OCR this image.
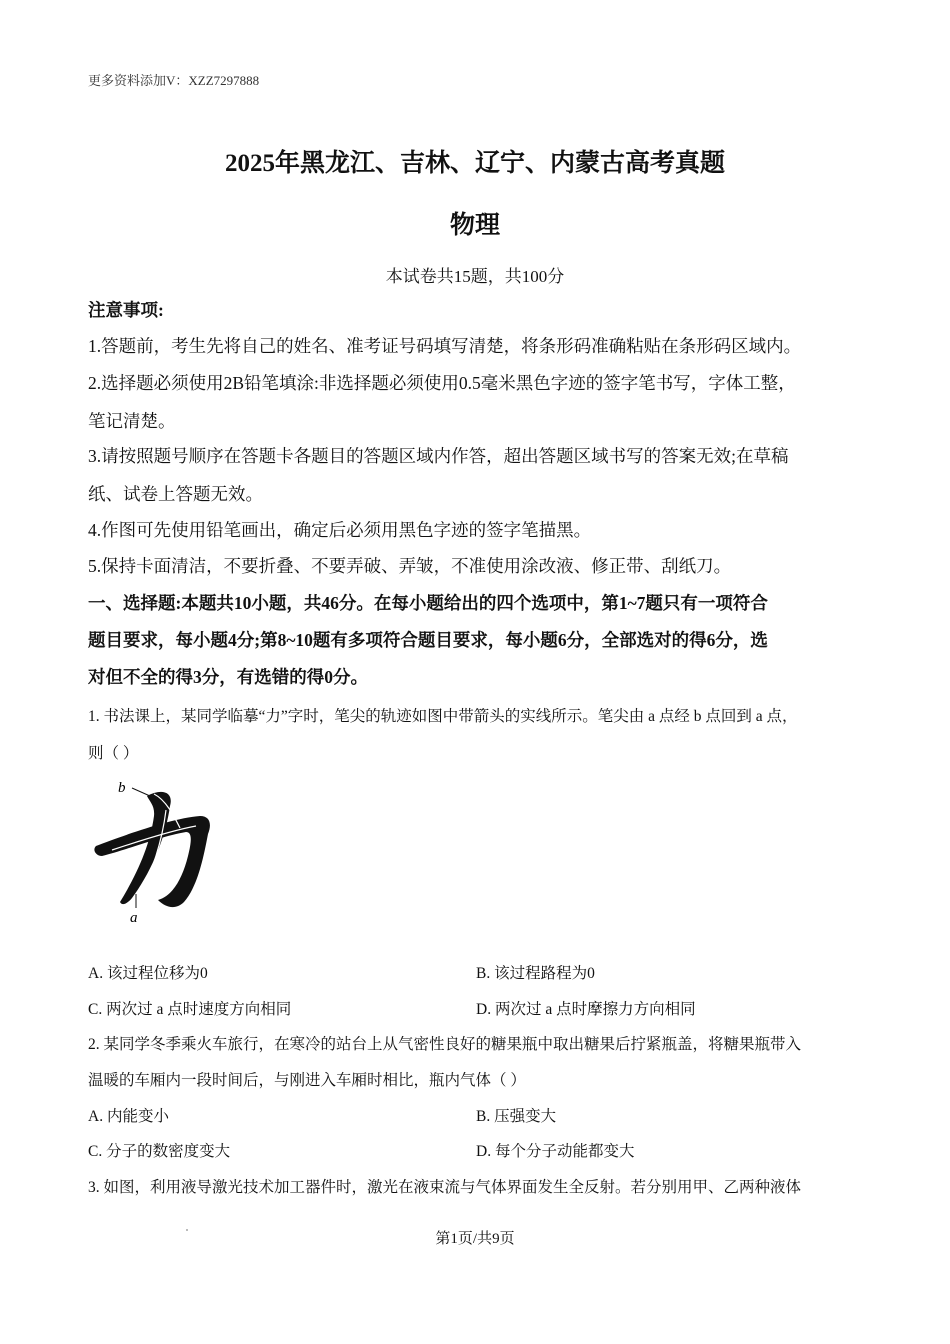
更多资料添加V：XZZ7297888
2025年黑龙江、吉林、辽宁、内蒙古高考真题
物理
本试卷共15题，共100分
注意事项:
1.答题前，考生先将自己的姓名、准考证号码填写清楚，将条形码准确粘贴在条形码区域内。
2.选择题必须使用2B铅笔填涂:非选择题必须使用0.5毫米黑色字迹的签字笔书写，字体工整，
笔记清楚。
3.请按照题号顺序在答题卡各题目的答题区域内作答，超出答题区域书写的答案无效;在草稿
纸、试卷上答题无效。
4.作图可先使用铅笔画出，确定后必须用黑色字迹的签字笔描黑。
5.保持卡面清洁，不要折叠、不要弄破、弄皱，不准使用涂改液、修正带、刮纸刀。
一、选择题:本题共10小题，共46分。在每小题给出的四个选项中，第1~7题只有一项符合
题目要求，每小题4分;第8~10题有多项符合题目要求，每小题6分，全部选对的得6分，选
对但不全的得3分，有选错的得0分。
1. 书法课上，某同学临摹“力”字时，笔尖的轨迹如图中带箭头的实线所示。笔尖由 a 点经 b 点回到 a 点，
则（ ）
b
a
A. 该过程位移为0	B. 该过程路程为0
C. 两次过 a 点时速度方向相同	D. 两次过 a 点时摩擦力方向相同
2. 某同学冬季乘火车旅行，在寒冷的站台上从气密性良好的糖果瓶中取出糖果后拧紧瓶盖，将糖果瓶带入
温暖的车厢内一段时间后，与刚进入车厢时相比，瓶内气体（ ）
A. 内能变小	B. 压强变大
C. 分子的数密度变大	D. 每个分子动能都变大
3. 如图，利用液导激光技术加工器件时，激光在液束流与气体界面发生全反射。若分别用甲、乙两种液体
第1页/共9页
